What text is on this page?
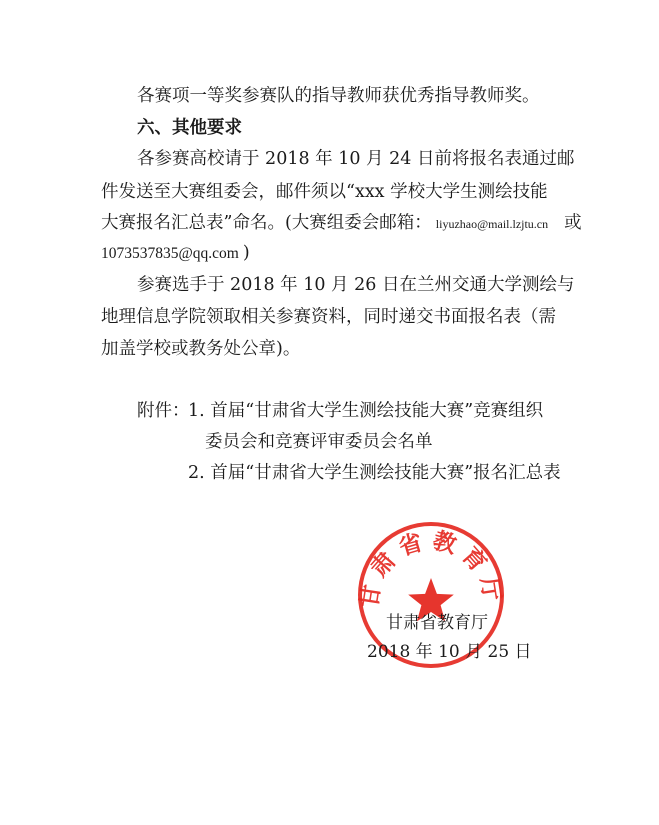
各赛项一等奖参赛队的指导教师获优秀指导教师奖。
六、其他要求
各参赛高校请于 2018 年 10 月 24 日前将报名表通过邮
件发送至大赛组委会，邮件须以“xxx 学校大学生测绘技能
大赛报名汇总表”命名。(大赛组委会邮箱： liyuzhao@mail.lzjtu.cn 或
1073537835@qq.com )
参赛选手于 2018 年 10 月 26 日在兰州交通大学测绘与
地理信息学院领取相关参赛资料，同时递交书面报名表（需
加盖学校或教务处公章)。
附件：
1. 首届“甘肃省大学生测绘技能大赛”竞赛组织
委员会和竞赛评审委员会名单
2. 首届“甘肃省大学生测绘技能大赛”报名汇总表
甘肃省教育厅
甘肃省教育厅
2018 年 10 月 25 日
